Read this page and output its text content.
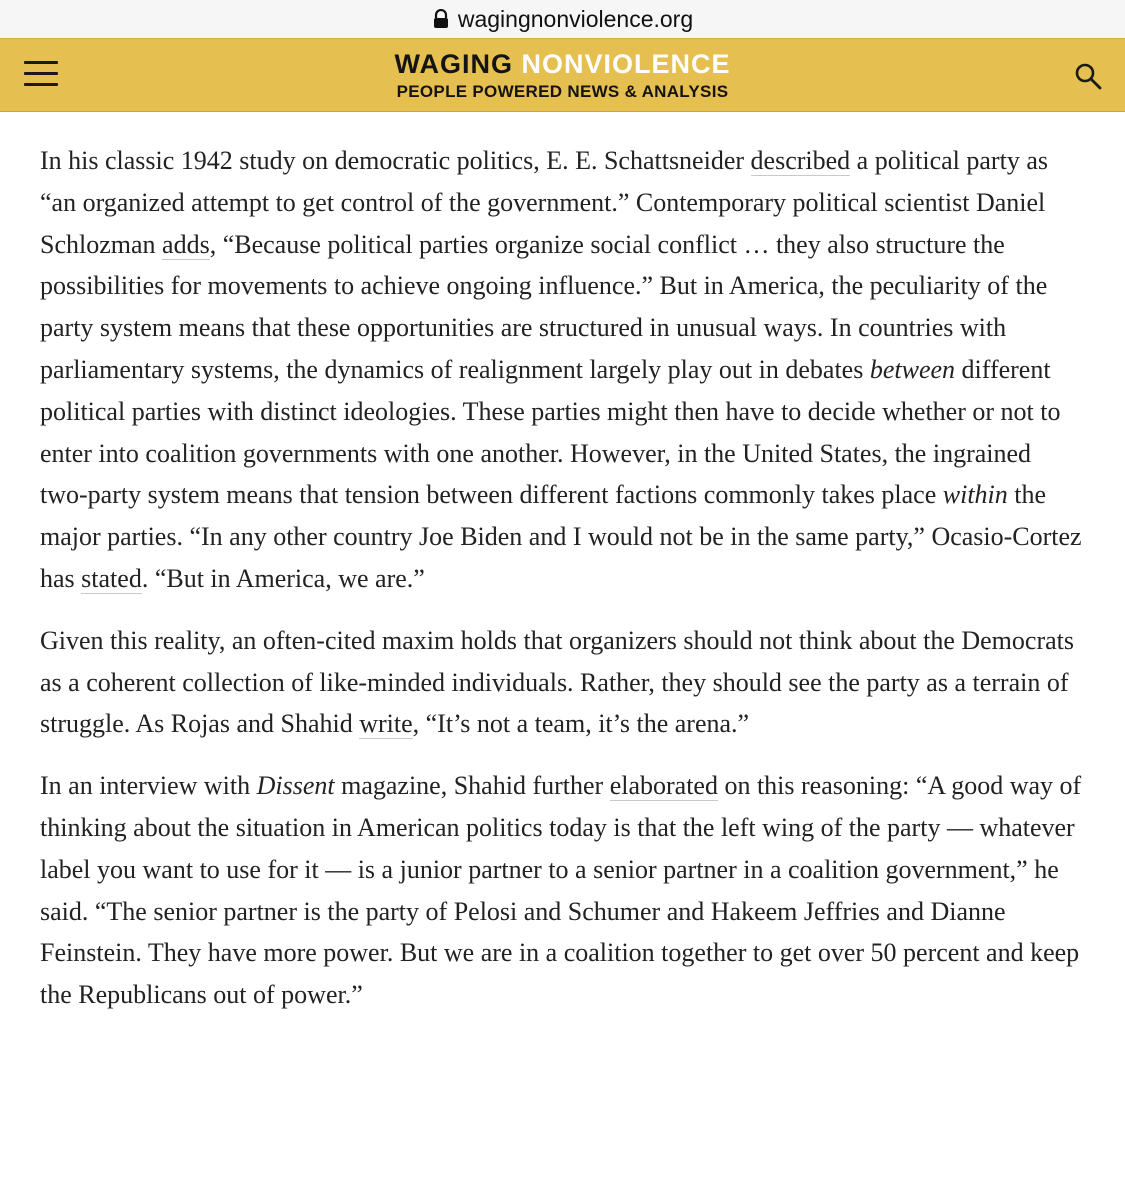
wagingnonviolence.org
WAGING NONVIOLENCE
PEOPLE POWERED NEWS & ANALYSIS

In his classic 1942 study on democratic politics, E. E. Schattsneider described a political party as “an organized attempt to get control of the government.” Contemporary political scientist Daniel Schlozman adds, “Because political parties organize social conflict … they also structure the possibilities for movements to achieve ongoing influence.” But in America, the peculiarity of the party system means that these opportunities are structured in unusual ways. In countries with parliamentary systems, the dynamics of realignment largely play out in debates between different political parties with distinct ideologies. These parties might then have to decide whether or not to enter into coalition governments with one another. However, in the United States, the ingrained two-party system means that tension between different factions commonly takes place within the major parties. “In any other country Joe Biden and I would not be in the same party,” Ocasio-Cortez has stated. “But in America, we are.”

Given this reality, an often-cited maxim holds that organizers should not think about the Democrats as a coherent collection of like-minded individuals. Rather, they should see the party as a terrain of struggle. As Rojas and Shahid write, “It’s not a team, it’s the arena.”

In an interview with Dissent magazine, Shahid further elaborated on this reasoning: “A good way of thinking about the situation in American politics today is that the left wing of the party — whatever label you want to use for it — is a junior partner to a senior partner in a coalition government,” he said. “The senior partner is the party of Pelosi and Schumer and Hakeem Jeffries and Dianne Feinstein. They have more power. But we are in a coalition together to get over 50 percent and keep the Republicans out of power.”
